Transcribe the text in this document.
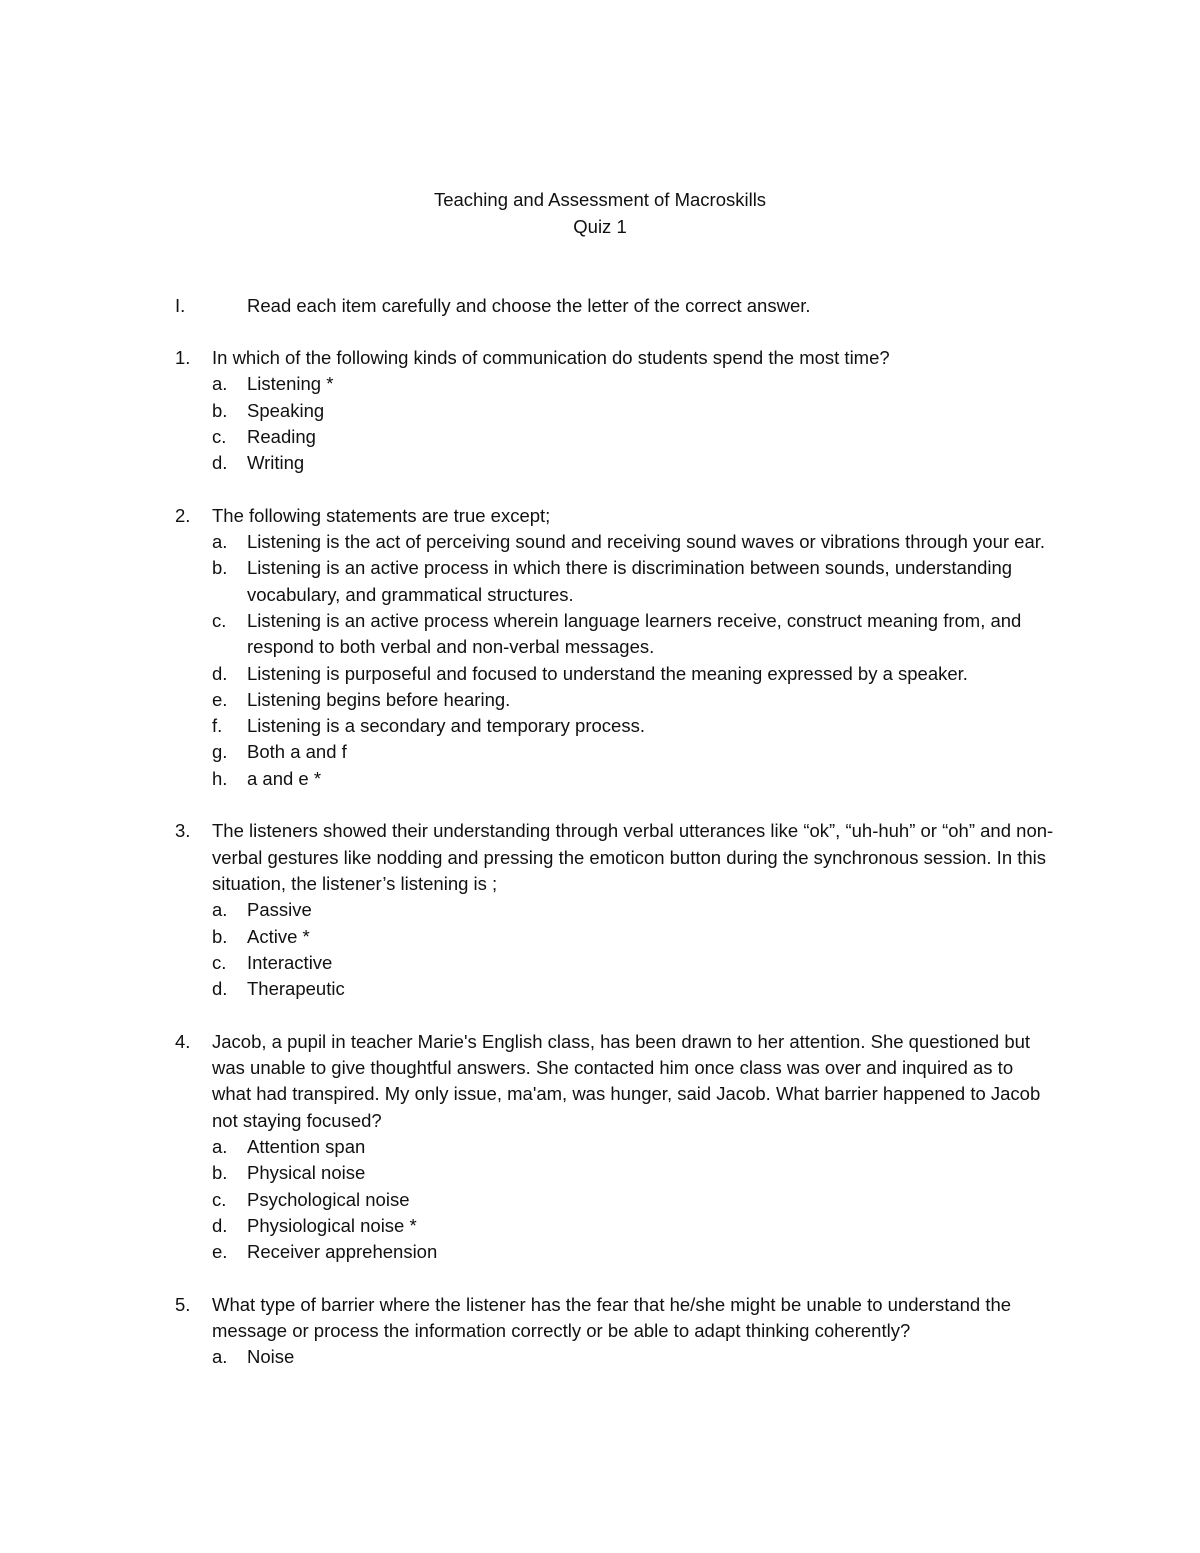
Teaching and Assessment of Macroskills
Quiz 1
I.	Read each item carefully and choose the letter of the correct answer.
1. In which of the following kinds of communication do students spend the most time?
a. Listening *
b. Speaking
c. Reading
d. Writing
2. The following statements are true except;
a. Listening is the act of perceiving sound and receiving sound waves or vibrations through your ear.
b. Listening is an active process in which there is discrimination between sounds, understanding vocabulary, and grammatical structures.
c. Listening is an active process wherein language learners receive, construct meaning from, and respond to both verbal and non-verbal messages.
d. Listening is purposeful and focused to understand the meaning expressed by a speaker.
e. Listening begins before hearing.
f. Listening is a secondary and temporary process.
g. Both a and f
h. a and e *
3. The listeners showed their understanding through verbal utterances like “ok”, “uh-huh” or “oh” and non-verbal gestures like nodding and pressing the emoticon button during the synchronous session. In this situation, the listener’s listening is ;
a. Passive
b. Active *
c. Interactive
d. Therapeutic
4. Jacob, a pupil in teacher Marie's English class, has been drawn to her attention. She questioned but was unable to give thoughtful answers. She contacted him once class was over and inquired as to what had transpired. My only issue, ma'am, was hunger, said Jacob. What barrier happened to Jacob not staying focused?
a. Attention span
b. Physical noise
c. Psychological noise
d. Physiological noise *
e. Receiver apprehension
5. What type of barrier where the listener has the fear that he/she might be unable to understand the message or process the information correctly or be able to adapt thinking coherently?
a. Noise
